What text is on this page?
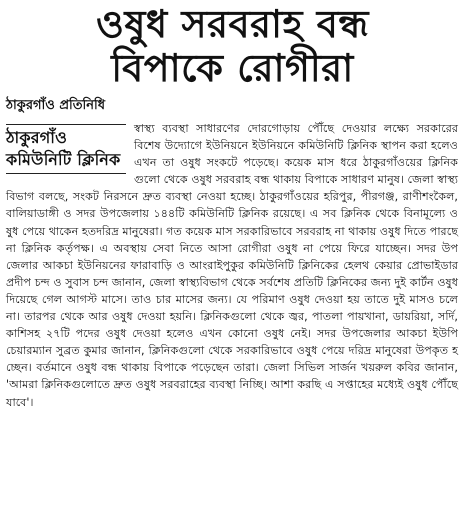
ওষুধ সরবরাহ বন্ধ
বিপাকে রোগীরা
ঠাকুরগাঁও প্রতিনিধি
ঠাকুরগাঁও
কমিউনিটি ক্লিনিক

স্বাস্থ্য ব্যবস্থা সাধারণের দোরগোড়ায় পৌঁছে দেওয়ার লক্ষ্যে সরকারের বিশেষ উদ্যোগে ইউনিয়নে ইউনিয়নে কমিউনিটি ক্লিনিক স্থাপন করা হলেও এখন তা ওষুধ সংকটে পড়েছে। কয়েক মাস ধরে ঠাকুরগাঁওয়ের ক্লিনিকগুলো থেকে ওষুধ সরবরাহ বন্ধ থাকায় বিপাকে সাধারণ মানুষ। জেলা স্বাস্থ্য বিভাগ বলছে, সংকট নিরসনে দ্রুত ব্যবস্থা নেওয়া হচ্ছে। ঠাকুরগাঁওয়ের হরিপুর, পীরগঞ্জ, রাণীশংকৈল, বালিয়াডাঙ্গী ও সদর উপজেলায় ১৪৪টি কমিউনিটি ক্লিনিক রয়েছে। এ সব ক্লিনিক থেকে বিনামূল্যে ওষুধ পেয়ে থাকেন হতদরিদ্র মানুষেরা। গত কয়েক মাস সরকারিভাবে সরবরাহ না থাকায় ওষুধ দিতে পারছে না ক্লিনিক কর্তৃপক্ষ। এ অবস্থায় সেবা নিতে আসা রোগীরা ওষুধ না পেয়ে ফিরে যাচ্ছেন। সদর উপজেলার আকচা ইউনিয়নের ফারাবাড়ি ও আংরাইপুকুর কমিউনিটি ক্লিনিকের হেলথ কেয়ার প্রোভাইডার প্রদীপ চন্দ ও সুবাস চন্দ জানান, জেলা স্বাস্থ্যবিভাগ থেকে সর্বশেষ প্রতিটি ক্লিনিকের জন্য দুই কার্টন ওষুধ দিয়েছে গেল আগস্ট মাসে। তাও চার মাসের জন্য। যে পরিমাণ ওষুধ দেওয়া হয় তাতে দুই মাসও চলে না। তারপর থেকে আর ওষুধ দেওয়া হয়নি। ক্লিনিকগুলো থেকে জ্বর, পাতলা পায়খানা, ডায়রিয়া, সর্দি, কাশিসহ ২৭টি পদের ওষুধ দেওয়া হলেও এখন কোনো ওষুধ নেই। সদর উপজেলার আকচা ইউপি চেয়ারম্যান সুব্রত কুমার জানান, ক্লিনিকগুলো থেকে সরকারিভাবে ওষুধ পেয়ে দরিদ্র মানুষেরা উপকৃত হচ্ছেন। বর্তমানে ওষুধ বন্ধ থাকায় বিপাকে পড়েছেন তারা। জেলা সিভিল সার্জন খয়রুল কবির জানান, 'আমরা ক্লিনিকগুলোতে দ্রুত ওষুধ সরবরাহের ব্যবস্থা নিচ্ছি। আশা করছি এ সপ্তাহের মধ্যেই ওষুধ পৌঁছে যাবে'।
